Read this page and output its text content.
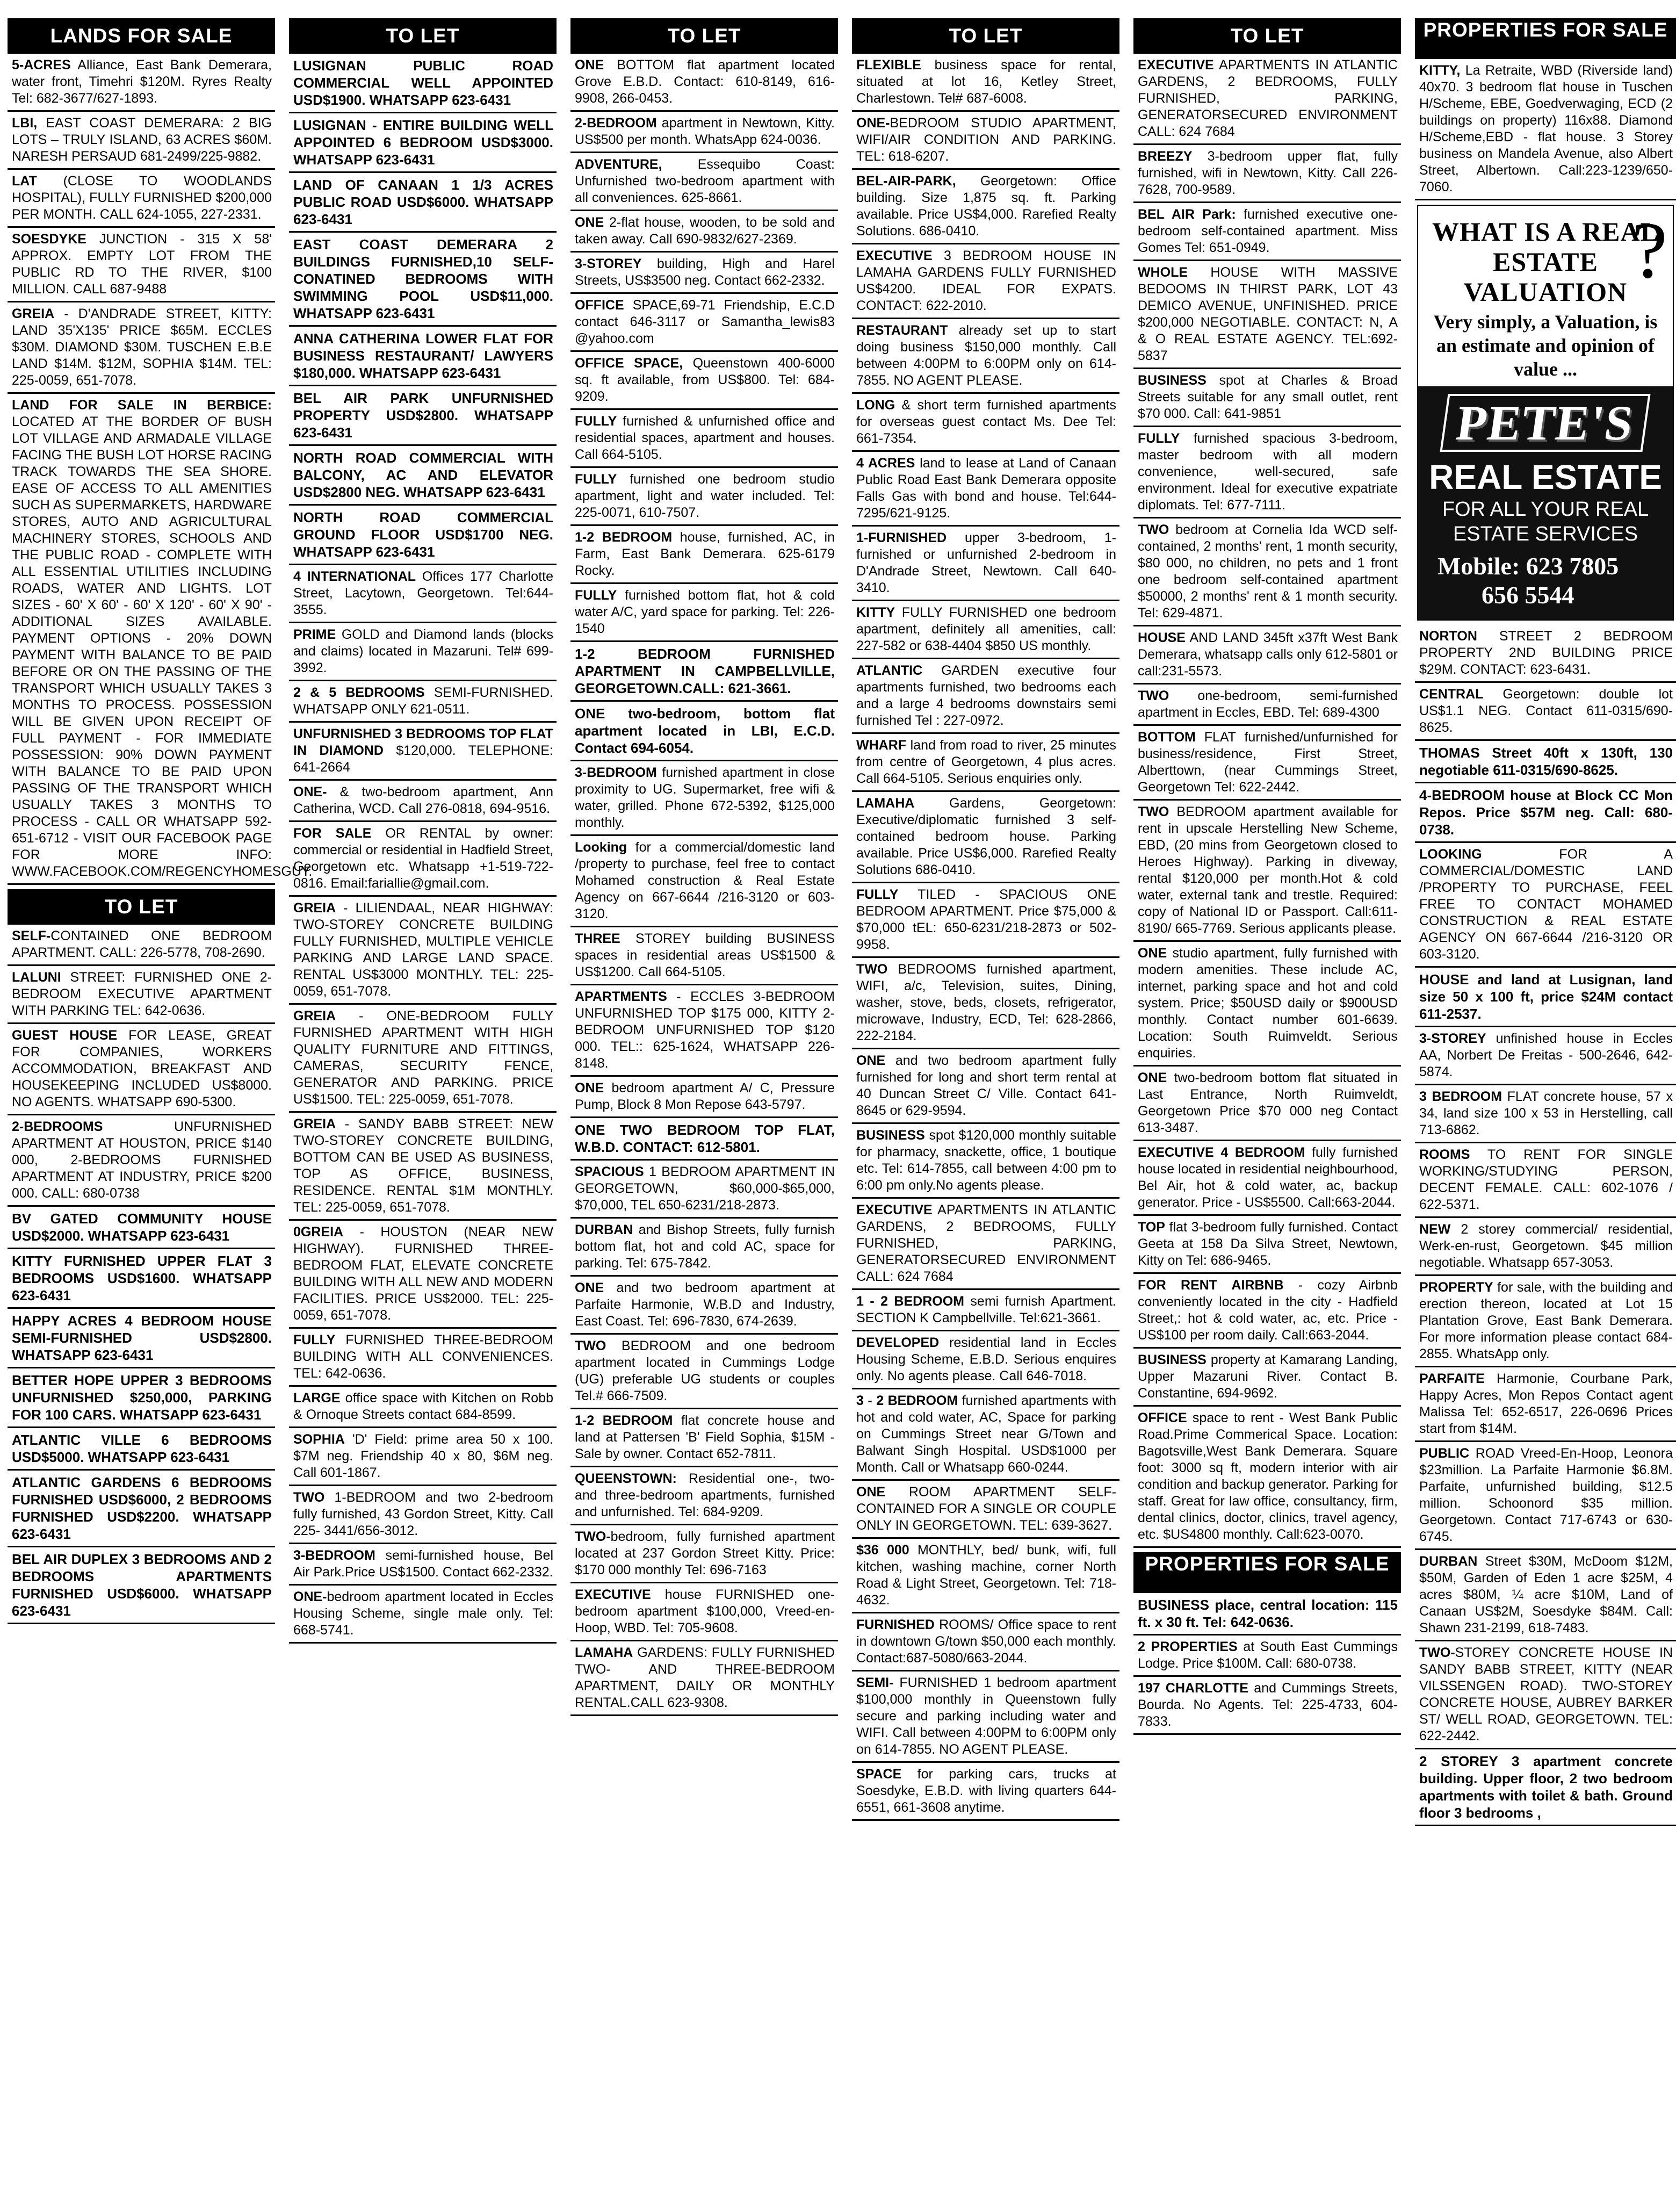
LANDS FOR SALE
5-ACRES Alliance, East Bank Demerara, water front, Timehri $120M. Ryres Realty Tel: 682-3677/627-1893.
LBI, EAST COAST DEMERARA: 2 BIG LOTS – TRULY ISLAND, 63 ACRES $60M. NARESH PERSAUD 681-2499/225-9882.
LAT (CLOSE TO WOODLANDS HOSPITAL), FULLY FURNISHED $200,000 PER MONTH. CALL 624-1055, 227-2331.
SOESDYKE JUNCTION - 315 X 58' APPROX. EMPTY LOT FROM THE PUBLIC RD TO THE RIVER, $100 MILLION. CALL 687-9488
GREIA - D'ANDRADE STREET, KITTY: LAND 35'X135' PRICE $65M. ECCLES $30M. DIAMOND $30M. TUSCHEN E.B.E LAND $14M. $12M, SOPHIA $14M. TEL: 225-0059, 651-7078.
LAND FOR SALE IN BERBICE: LOCATED AT THE BORDER OF BUSH LOT VILLAGE AND ARMADALE VILLAGE FACING THE BUSH LOT HORSE RACING TRACK TOWARDS THE SEA SHORE. EASE OF ACCESS TO ALL AMENITIES SUCH AS SUPERMARKETS, HARDWARE STORES, AUTO AND AGRICULTURAL MACHINERY STORES, SCHOOLS AND THE PUBLIC ROAD - COMPLETE WITH ALL ESSENTIAL UTILITIES INCLUDING ROADS, WATER AND LIGHTS. LOT SIZES - 60' X 60' - 60' X 120' - 60' X 90' - ADDITIONAL SIZES AVAILABLE. PAYMENT OPTIONS - 20% DOWN PAYMENT WITH BALANCE TO BE PAID BEFORE OR ON THE PASSING OF THE TRANSPORT WHICH USUALLY TAKES 3 MONTHS TO PROCESS. POSSESSION WILL BE GIVEN UPON RECEIPT OF FULL PAYMENT - FOR IMMEDIATE POSSESSION: 90% DOWN PAYMENT WITH BALANCE TO BE PAID UPON PASSING OF THE TRANSPORT WHICH USUALLY TAKES 3 MONTHS TO PROCESS - CALL OR WHATSAPP 592-651-6712 - VISIT OUR FACEBOOK PAGE FOR MORE INFO: WWW.FACEBOOK.COM/REGENCYHOMESGUY.
TO LET
SELF-CONTAINED ONE BEDROOM APARTMENT. CALL: 226-5778, 708-2690.
LALUNI STREET: FURNISHED ONE 2-BEDROOM EXECUTIVE APARTMENT WITH PARKING TEL: 642-0636.
GUEST HOUSE FOR LEASE, GREAT FOR COMPANIES, WORKERS ACCOMMODATION, BREAKFAST AND HOUSEKEEPING INCLUDED US$8000. NO AGENTS. WHATSAPP 690-5300.
2-BEDROOMS UNFURNISHED APARTMENT AT HOUSTON, PRICE $140 000, 2-BEDROOMS FURNISHED APARTMENT AT INDUSTRY, PRICE $200 000. CALL: 680-0738
BV GATED COMMUNITY HOUSE USD$2000. WHATSAPP 623-6431
KITTY FURNISHED UPPER FLAT 3 BEDROOMS USD$1600. WHATSAPP 623-6431
HAPPY ACRES 4 BEDROOM HOUSE SEMI-FURNISHED USD$2800. WHATSAPP 623-6431
BETTER HOPE UPPER 3 BEDROOMS UNFURNISHED $250,000, PARKING FOR 100 CARS. WHATSAPP 623-6431
ATLANTIC VILLE 6 BEDROOMS USD$5000. WHATSAPP 623-6431
ATLANTIC GARDENS 6 BEDROOMS FURNISHED USD$6000, 2 BEDROOMS FURNISHED USD$2200. WHATSAPP 623-6431
BEL AIR DUPLEX 3 BEDROOMS AND 2 BEDROOMS APARTMENTS FURNISHED USD$6000. WHATSAPP 623-6431
TO LET
LUSIGNAN PUBLIC ROAD COMMERCIAL WELL APPOINTED USD$1900. WHATSAPP 623-6431
LUSIGNAN - ENTIRE BUILDING WELL APPOINTED 6 BEDROOM USD$3000. WHATSAPP 623-6431
LAND OF CANAAN 1 1/3 ACRES PUBLIC ROAD USD$6000. WHATSAPP 623-6431
EAST COAST DEMERARA 2 BUILDINGS FURNISHED,10 SELF-CONATINED BEDROOMS WITH SWIMMING POOL USD$11,000. WHATSAPP 623-6431
ANNA CATHERINA LOWER FLAT FOR BUSINESS RESTAURANT/ LAWYERS $180,000. WHATSAPP 623-6431
BEL AIR PARK UNFURNISHED PROPERTY USD$2800. WHATSAPP 623-6431
NORTH ROAD COMMERCIAL WITH BALCONY, AC AND ELEVATOR USD$2800 NEG. WHATSAPP 623-6431
NORTH ROAD COMMERCIAL GROUND FLOOR USD$1700 NEG. WHATSAPP 623-6431
4 INTERNATIONAL Offices 177 Charlotte Street, Lacytown, Georgetown. Tel:644-3555.
PRIME GOLD and Diamond lands (blocks and claims) located in Mazaruni. Tel# 699-3992.
2 & 5 BEDROOMS SEMI-FURNISHED. WHATSAPP ONLY 621-0511.
UNFURNISHED 3 BEDROOMS TOP FLAT IN DIAMOND $120,000. TELEPHONE: 641-2664
ONE- & two-bedroom apartment, Ann Catherina, WCD. Call 276-0818, 694-9516.
FOR SALE OR RENTAL by owner: commercial or residential in Hadfield Street, Georgetown etc. Whatsapp +1-519-722-0816. Email:fariallie@gmail.com.
GREIA - LILIENDAAL, NEAR HIGHWAY: TWO-STOREY CONCRETE BUILDING FULLY FURNISHED, MULTIPLE VEHICLE PARKING AND LARGE LAND SPACE. RENTAL US$3000 MONTHLY. TEL: 225-0059, 651-7078.
GREIA - ONE-BEDROOM FULLY FURNISHED APARTMENT WITH HIGH QUALITY FURNITURE AND FITTINGS, CAMERAS, SECURITY FENCE, GENERATOR AND PARKING. PRICE US$1500. TEL: 225-0059, 651-7078.
GREIA - SANDY BABB STREET: NEW TWO-STOREY CONCRETE BUILDING, BOTTOM CAN BE USED AS BUSINESS, TOP AS OFFICE, BUSINESS, RESIDENCE. RENTAL $1M MONTHLY. TEL: 225-0059, 651-7078.
0GREIA - HOUSTON (NEAR NEW HIGHWAY). FURNISHED THREE-BEDROOM FLAT, ELEVATE CONCRETE BUILDING WITH ALL NEW AND MODERN FACILITIES. PRICE US$2000. TEL: 225-0059, 651-7078.
FULLY FURNISHED THREE-BEDROOM BUILDING WITH ALL CONVENIENCES. TEL: 642-0636.
LARGE office space with Kitchen on Robb & Ornoque Streets contact 684-8599.
SOPHIA 'D' Field: prime area 50 x 100. $7M neg. Friendship 40 x 80, $6M neg. Call 601-1867.
TWO 1-BEDROOM and two 2-bedroom fully furnished, 43 Gordon Street, Kitty. Call 225- 3441/656-3012.
3-BEDROOM semi-furnished house, Bel Air Park.Price US$1500. Contact 662-2332.
ONE-bedroom apartment located in Eccles Housing Scheme, single male only. Tel: 668-5741.
TO LET
ONE BOTTOM flat apartment located Grove E.B.D. Contact: 610-8149, 616-9908, 266-0453.
2-BEDROOM apartment in Newtown, Kitty. US$500 per month. WhatsApp 624-0036.
ADVENTURE, Essequibo Coast: Unfurnished two-bedroom apartment with all conveniences. 625-8661.
ONE 2-flat house, wooden, to be sold and taken away. Call 690-9832/627-2369.
3-STOREY building, High and Harel Streets, US$3500 neg. Contact 662-2332.
OFFICE SPACE,69-71 Friendship, E.C.D contact 646-3117 or Samantha_lewis83 @yahoo.com
OFFICE SPACE, Queenstown 400-6000 sq. ft available, from US$800. Tel: 684-9209.
FULLY furnished & unfurnished office and residential spaces, apartment and houses. Call 664-5105.
FULLY furnished one bedroom studio apartment, light and water included. Tel: 225-0071, 610-7507.
1-2 BEDROOM house, furnished, AC, in Farm, East Bank Demerara. 625-6179 Rocky.
FULLY furnished bottom flat, hot & cold water A/C, yard space for parking. Tel: 226-1540
1-2 BEDROOM FURNISHED APARTMENT IN CAMPBELLVILLE, GEORGETOWN.CALL: 621-3661.
ONE two-bedroom, bottom flat apartment located in LBI, E.C.D. Contact 694-6054.
3-BEDROOM furnished apartment in close proximity to UG. Supermarket, free wifi & water, grilled. Phone 672-5392, $125,000 monthly.
Looking for a commercial/domestic land /property to purchase, feel free to contact Mohamed construction & Real Estate Agency on 667-6644 /216-3120 or 603-3120.
THREE STOREY building BUSINESS spaces in residential areas US$1500 & US$1200. Call 664-5105.
APARTMENTS - ECCLES 3-BEDROOM UNFURNISHED TOP $175 000, KITTY 2-BEDROOM UNFURNISHED TOP $120 000. TEL:: 625-1624, WHATSAPP 226-8148.
ONE bedroom apartment A/ C, Pressure Pump, Block 8 Mon Repose 643-5797.
ONE TWO BEDROOM TOP FLAT, W.B.D. CONTACT: 612-5801.
SPACIOUS 1 BEDROOM APARTMENT IN GEORGETOWN, $60,000-$65,000, $70,000, TEL 650-6231/218-2873.
DURBAN and Bishop Streets, fully furnish bottom flat, hot and cold AC, space for parking. Tel: 675-7842.
ONE and two bedroom apartment at Parfaite Harmonie, W.B.D and Industry, East Coast. Tel: 696-7830, 674-2639.
TWO BEDROOM and one bedroom apartment located in Cummings Lodge (UG) preferable UG students or couples Tel.# 666-7509.
1-2 BEDROOM flat concrete house and land at Pattersen 'B' Field Sophia, $15M - Sale by owner. Contact 652-7811.
QUEENSTOWN: Residential one-, two- and three-bedroom apartments, furnished and unfurnished. Tel: 684-9209.
TWO-bedroom, fully furnished apartment located at 237 Gordon Street Kitty. Price: $170 000 monthly Tel: 696-7163
EXECUTIVE house FURNISHED one-bedroom apartment $100,000, Vreed-en-Hoop, WBD. Tel: 705-9608.
LAMAHA GARDENS: FULLY FURNISHED TWO- AND THREE-BEDROOM APARTMENT, DAILY OR MONTHLY RENTAL.CALL 623-9308.
TO LET
FLEXIBLE business space for rental, situated at lot 16, Ketley Street, Charlestown. Tel# 687-6008.
ONE-BEDROOM STUDIO APARTMENT, WIFI/AIR CONDITION AND PARKING. TEL: 618-6207.
BEL-AIR-PARK, Georgetown: Office building. Size 1,875 sq. ft. Parking available. Price US$4,000. Rarefied Realty Solutions. 686-0410.
EXECUTIVE 3 BEDROOM HOUSE IN LAMAHA GARDENS FULLY FURNISHED US$4200. IDEAL FOR EXPATS. CONTACT: 622-2010.
RESTAURANT already set up to start doing business $150,000 monthly. Call between 4:00PM to 6:00PM only on 614-7855. NO AGENT PLEASE.
LONG & short term furnished apartments for overseas guest contact Ms. Dee Tel: 661-7354.
4 ACRES land to lease at Land of Canaan Public Road East Bank Demerara opposite Falls Gas with bond and house. Tel:644-7295/621-9125.
1-FURNISHED upper 3-bedroom, 1-furnished or unfurnished 2-bedroom in D'Andrade Street, Newtown. Call 640-3410.
KITTY FULLY FURNISHED one bedroom apartment, definitely all amenities, call: 227-582 or 638-4404 $850 US monthly.
ATLANTIC GARDEN executive four apartments furnished, two bedrooms each and a large 4 bedrooms downstairs semi furnished Tel : 227-0972.
WHARF land from road to river, 25 minutes from centre of Georgetown, 4 plus acres. Call 664-5105. Serious enquiries only.
LAMAHA Gardens, Georgetown: Executive/diplomatic furnished 3 self-contained bedroom house. Parking available. Price US$6,000. Rarefied Realty Solutions 686-0410.
FULLY TILED - SPACIOUS ONE BEDROOM APARTMENT. Price $75,000 & $70,000 tEL: 650-6231/218-2873 or 502-9958.
TWO BEDROOMS furnished apartment, WIFI, a/c, Television, suites, Dining, washer, stove, beds, closets, refrigerator, microwave, Industry, ECD, Tel: 628-2866, 222-2184.
ONE and two bedroom apartment fully furnished for long and short term rental at 40 Duncan Street C/ Ville. Contact 641-8645 or 629-9594.
BUSINESS spot $120,000 monthly suitable for pharmacy, snackette, office, 1 boutique etc. Tel: 614-7855, call between 4:00 pm to 6:00 pm only.No agents please.
EXECUTIVE APARTMENTS IN ATLANTIC GARDENS, 2 BEDROOMS, FULLY FURNISHED, PARKING, GENERATORSECURED ENVIRONMENT CALL: 624 7684
1 - 2 BEDROOM semi furnish Apartment. SECTION K Campbellville. Tel:621-3661.
DEVELOPED residential land in Eccles Housing Scheme, E.B.D. Serious enquires only. No agents please. Call 646-7018.
3 - 2 BEDROOM furnished apartments with hot and cold water, AC, Space for parking on Cummings Street near G/Town and Balwant Singh Hospital. USD$1000 per Month. Call or Whatsapp 660-0244.
ONE ROOM APARTMENT SELF-CONTAINED FOR A SINGLE OR COUPLE ONLY IN GEORGETOWN. TEL: 639-3627.
$36 000 MONTHLY, bed/ bunk, wifi, full kitchen, washing machine, corner North Road & Light Street, Georgetown. Tel: 718-4632.
FURNISHED ROOMS/ Office space to rent in downtown G/town $50,000 each monthly. Contact:687-5080/663-2044.
SEMI- FURNISHED 1 bedroom apartment $100,000 monthly in Queenstown fully secure and parking including water and WIFI. Call between 4:00PM to 6:00PM only on 614-7855. NO AGENT PLEASE.
SPACE for parking cars, trucks at Soesdyke, E.B.D. with living quarters 644-6551, 661-3608 anytime.
TO LET
EXECUTIVE APARTMENTS IN ATLANTIC GARDENS, 2 BEDROOMS, FULLY FURNISHED, PARKING, GENERATORSECURED ENVIRONMENT CALL: 624 7684
BREEZY 3-bedroom upper flat, fully furnished, wifi in Newtown, Kitty. Call 226-7628, 700-9589.
BEL AIR Park: furnished executive one-bedroom self-contained apartment. Miss Gomes Tel: 651-0949.
WHOLE HOUSE WITH MASSIVE BEDOOMS IN THIRST PARK, LOT 43 DEMICO AVENUE, UNFINISHED. PRICE $200,000 NEGOTIABLE. CONTACT: N, A & O REAL ESTATE AGENCY. TEL:692-5837
BUSINESS spot at Charles & Broad Streets suitable for any small outlet, rent $70 000. Call: 641-9851
FULLY furnished spacious 3-bedroom, master bedroom with all modern convenience, well-secured, safe environment. Ideal for executive expatriate diplomats. Tel: 677-7111.
TWO bedroom at Cornelia Ida WCD self-contained, 2 months' rent, 1 month security, $80 000, no children, no pets and 1 front one bedroom self-contained apartment $50000, 2 months' rent & 1 month security. Tel: 629-4871.
HOUSE AND LAND 345ft x37ft West Bank Demerara, whatsapp calls only 612-5801 or call:231-5573.
TWO one-bedroom, semi-furnished apartment in Eccles, EBD. Tel: 689-4300
BOTTOM FLAT furnished/unfurnished for business/residence, First Street, Alberttown, (near Cummings Street, Georgetown Tel: 622-2442.
TWO BEDROOM apartment available for rent in upscale Herstelling New Scheme, EBD, (20 mins from Georgetown closed to Heroes Highway). Parking in diveway, rental $120,000 per month.Hot & cold water, external tank and trestle. Required: copy of National ID or Passport. Call:611-8190/ 665-7769. Serious applicants please.
ONE studio apartment, fully furnished with modern amenities. These include AC, internet, parking space and hot and cold system. Price; $50USD daily or $900USD monthly. Contact number 601-6639. Location: South Ruimveldt. Serious enquiries.
ONE two-bedroom bottom flat situated in Last Entrance, North Ruimveldt, Georgetown Price $70 000 neg Contact 613-3487.
EXECUTIVE 4 BEDROOM fully furnished house located in residential neighbourhood, Bel Air, hot & cold water, ac, backup generator. Price - US$5500. Call:663-2044.
TOP flat 3-bedroom fully furnished. Contact Geeta at 158 Da Silva Street, Newtown, Kitty on Tel: 686-9465.
FOR RENT AIRBNB - cozy Airbnb conveniently located in the city - Hadfield Street,: hot & cold water, ac, etc. Price - US$100 per room daily. Call:663-2044.
BUSINESS property at Kamarang Landing, Upper Mazaruni River. Contact B. Constantine, 694-9692.
OFFICE space to rent - West Bank Public Road.Prime Commerical Space. Location: Bagotsville,West Bank Demerara. Square foot: 3000 sq ft, modern interior with air condition and backup generator. Parking for staff. Great for law office, consultancy, firm, dental clinics, doctor, clinics, travel agency, etc. $US4800 monthly. Call:623-0070.
PROPERTIES FOR SALE
BUSINESS place, central location: 115 ft. x 30 ft. Tel: 642-0636.
2 PROPERTIES at South East Cummings Lodge. Price $100M. Call: 680-0738.
197 CHARLOTTE and Cummings Streets, Bourda. No Agents. Tel: 225-4733, 604-7833.
PROPERTIES FOR SALE
KITTY, La Retraite, WBD (Riverside land) 40x70. 3 bedroom flat house in Tuschen H/Scheme, EBE, Goedverwaging, ECD (2 buildings on property) 116x88. Diamond H/Scheme,EBD - flat house. 3 Storey business on Mandela Avenue, also Albert Street, Albertown. Call:223-1239/650-7060.
WHAT IS A REAL ESTATE VALUATION ?
Very simply, a Valuation, is an estimate and opinion of value ...
PETE'S
REAL ESTATE
FOR ALL YOUR REAL ESTATE SERVICES
Mobile: 623 7805
656 5544
NORTON STREET 2 BEDROOM PROPERTY 2ND BUILDING PRICE $29M. CONTACT: 623-6431.
CENTRAL Georgetown: double lot US$1.1 NEG. Contact 611-0315/690-8625.
THOMAS Street 40ft x 130ft, 130 negotiable 611-0315/690-8625.
4-BEDROOM house at Block CC Mon Repos. Price $57M neg. Call: 680-0738.
LOOKING FOR A COMMERCIAL/DOMESTIC LAND /PROPERTY TO PURCHASE, FEEL FREE TO CONTACT MOHAMED CONSTRUCTION & REAL ESTATE AGENCY ON 667-6644 /216-3120 OR 603-3120.
HOUSE and land at Lusignan, land size 50 x 100 ft, price $24M contact 611-2537.
3-STOREY unfinished house in Eccles AA, Norbert De Freitas - 500-2646, 642-5874.
3 BEDROOM FLAT concrete house, 57 x 34, land size 100 x 53 in Herstelling, call 713-6862.
ROOMS TO RENT FOR SINGLE WORKING/STUDYING PERSON, DECENT FEMALE. CALL: 602-1076 / 622-5371.
NEW 2 storey commercial/ residential, Werk-en-rust, Georgetown. $45 million negotiable. Whatsapp 657-3053.
PROPERTY for sale, with the building and erection thereon, located at Lot 15 Plantation Grove, East Bank Demerara. For more information please contact 684-2855. WhatsApp only.
PARFAITE Harmonie, Courbane Park, Happy Acres, Mon Repos Contact agent Malissa Tel: 652-6517, 226-0696 Prices start from $14M.
PUBLIC ROAD Vreed-En-Hoop, Leonora $23million. La Parfaite Harmonie $6.8M. Parfaite, unfurnished building, $12.5 million. Schoonord $35 million. Georgetown. Contact 717-6743 or 630-6745.
DURBAN Street $30M, McDoom $12M, $50M, Garden of Eden 1 acre $25M, 4 acres $80M, ¼ acre $10M, Land of Canaan US$2M, Soesdyke $84M. Call: Shawn 231-2199, 618-7483.
TWO-STOREY CONCRETE HOUSE IN SANDY BABB STREET, KITTY (NEAR VILSSENGEN ROAD). TWO-STOREY CONCRETE HOUSE, AUBREY BARKER ST/ WELL ROAD, GEORGETOWN. TEL: 622-2442.
2 STOREY 3 apartment concrete building. Upper floor, 2 two bedroom apartments with toilet & bath. Ground floor 3 bedrooms ,
